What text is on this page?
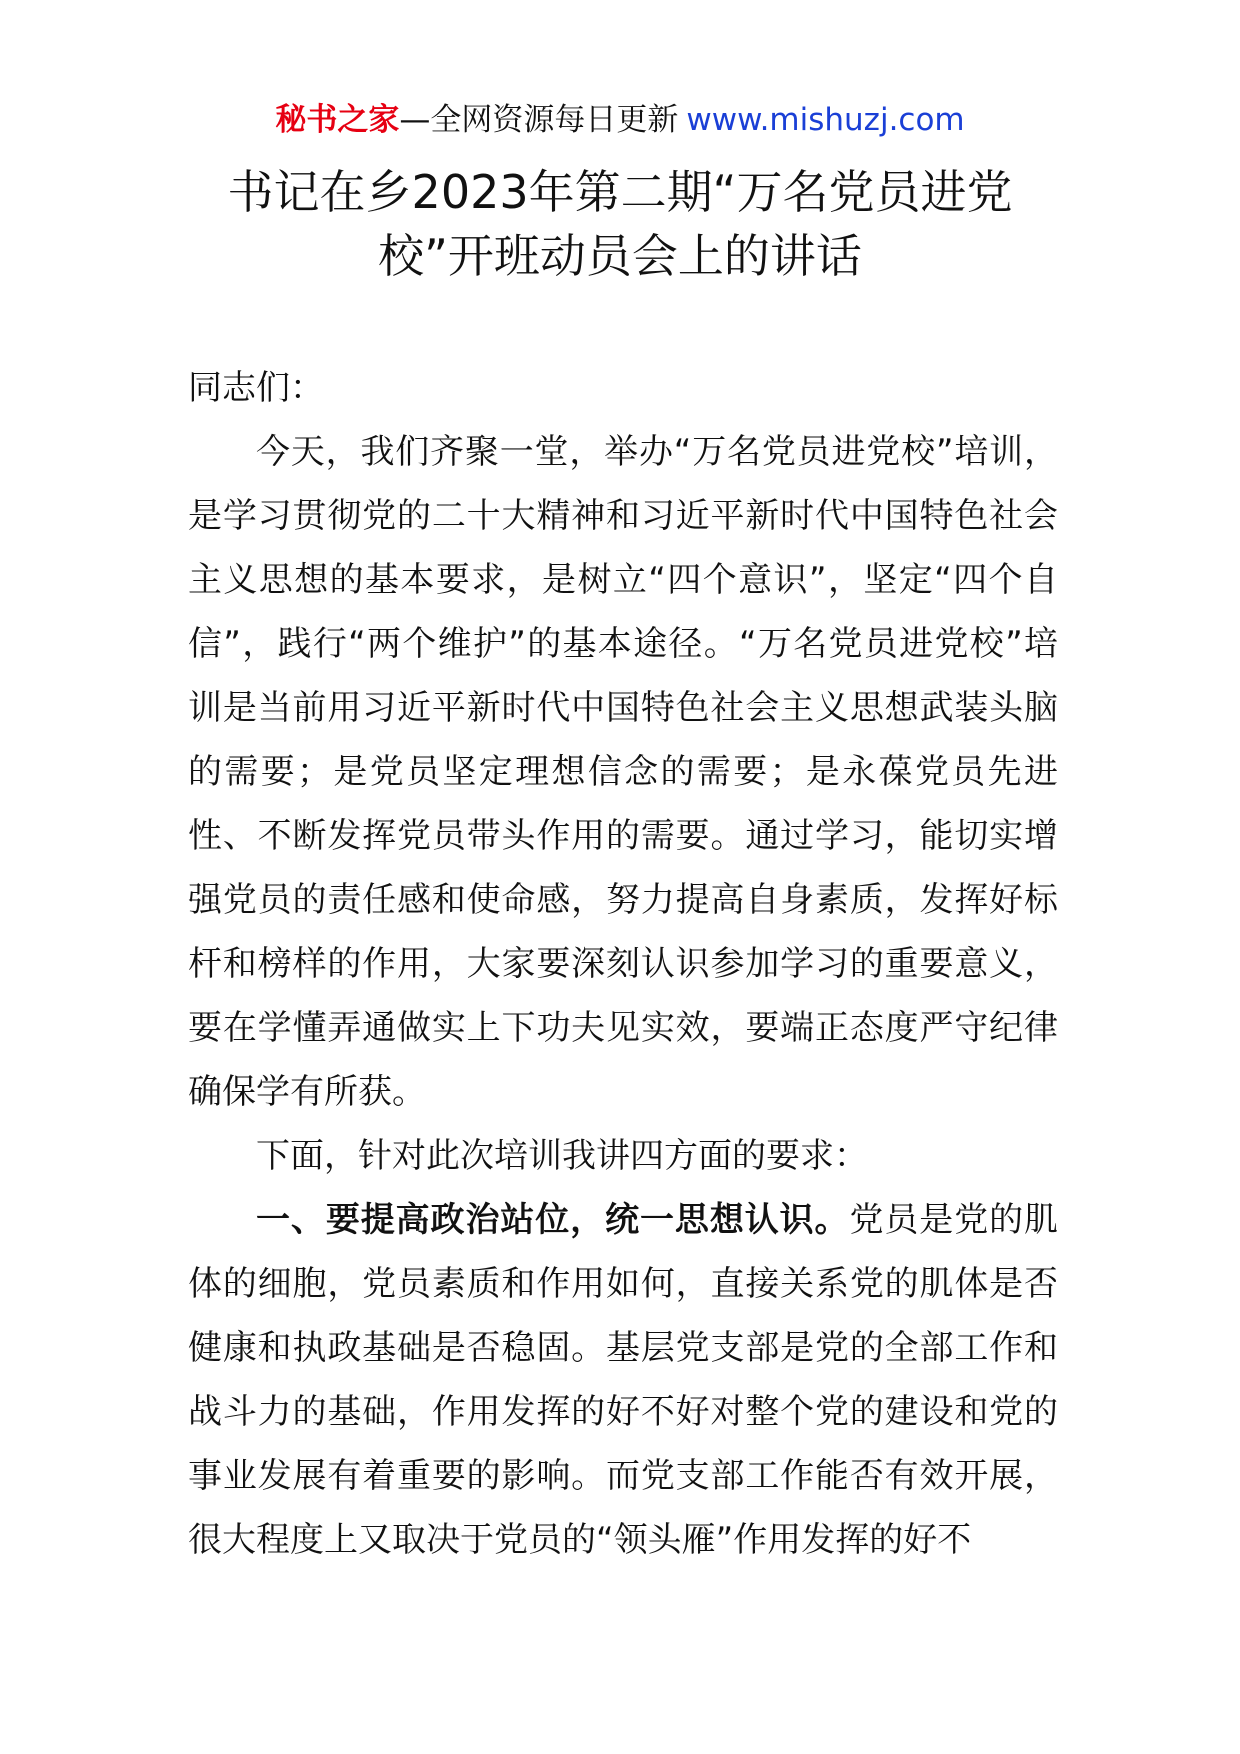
秘书之家—全网资源每日更新 www.mishuzj.com
书记在乡2023年第二期“万名党员进党
校”开班动员会上的讲话

同志们：

今天，我们齐聚一堂，举办“万名党员进党校”培训，是学习贯彻党的二十大精神和习近平新时代中国特色社会主义思想的基本要求，是树立“四个意识”，坚定“四个自信”，践行“两个维护”的基本途径。“万名党员进党校”培训是当前用习近平新时代中国特色社会主义思想武装头脑的需要；是党员坚定理想信念的需要；是永葆党员先进性、不断发挥党员带头作用的需要。通过学习，能切实增强党员的责任感和使命感，努力提高自身素质，发挥好标杆和榜样的作用，大家要深刻认识参加学习的重要意义，要在学懂弄通做实上下功夫见实效，要端正态度严守纪律确保学有所获。

下面，针对此次培训我讲四方面的要求：

一、要提高政治站位，统一思想认识。党员是党的肌体的细胞，党员素质和作用如何，直接关系党的肌体是否健康和执政基础是否稳固。基层党支部是党的全部工作和战斗力的基础，作用发挥的好不好对整个党的建设和党的事业发展有着重要的影响。而党支部工作能否有效开展，很大程度上又取决于党员的“领头雁”作用发挥的好不
